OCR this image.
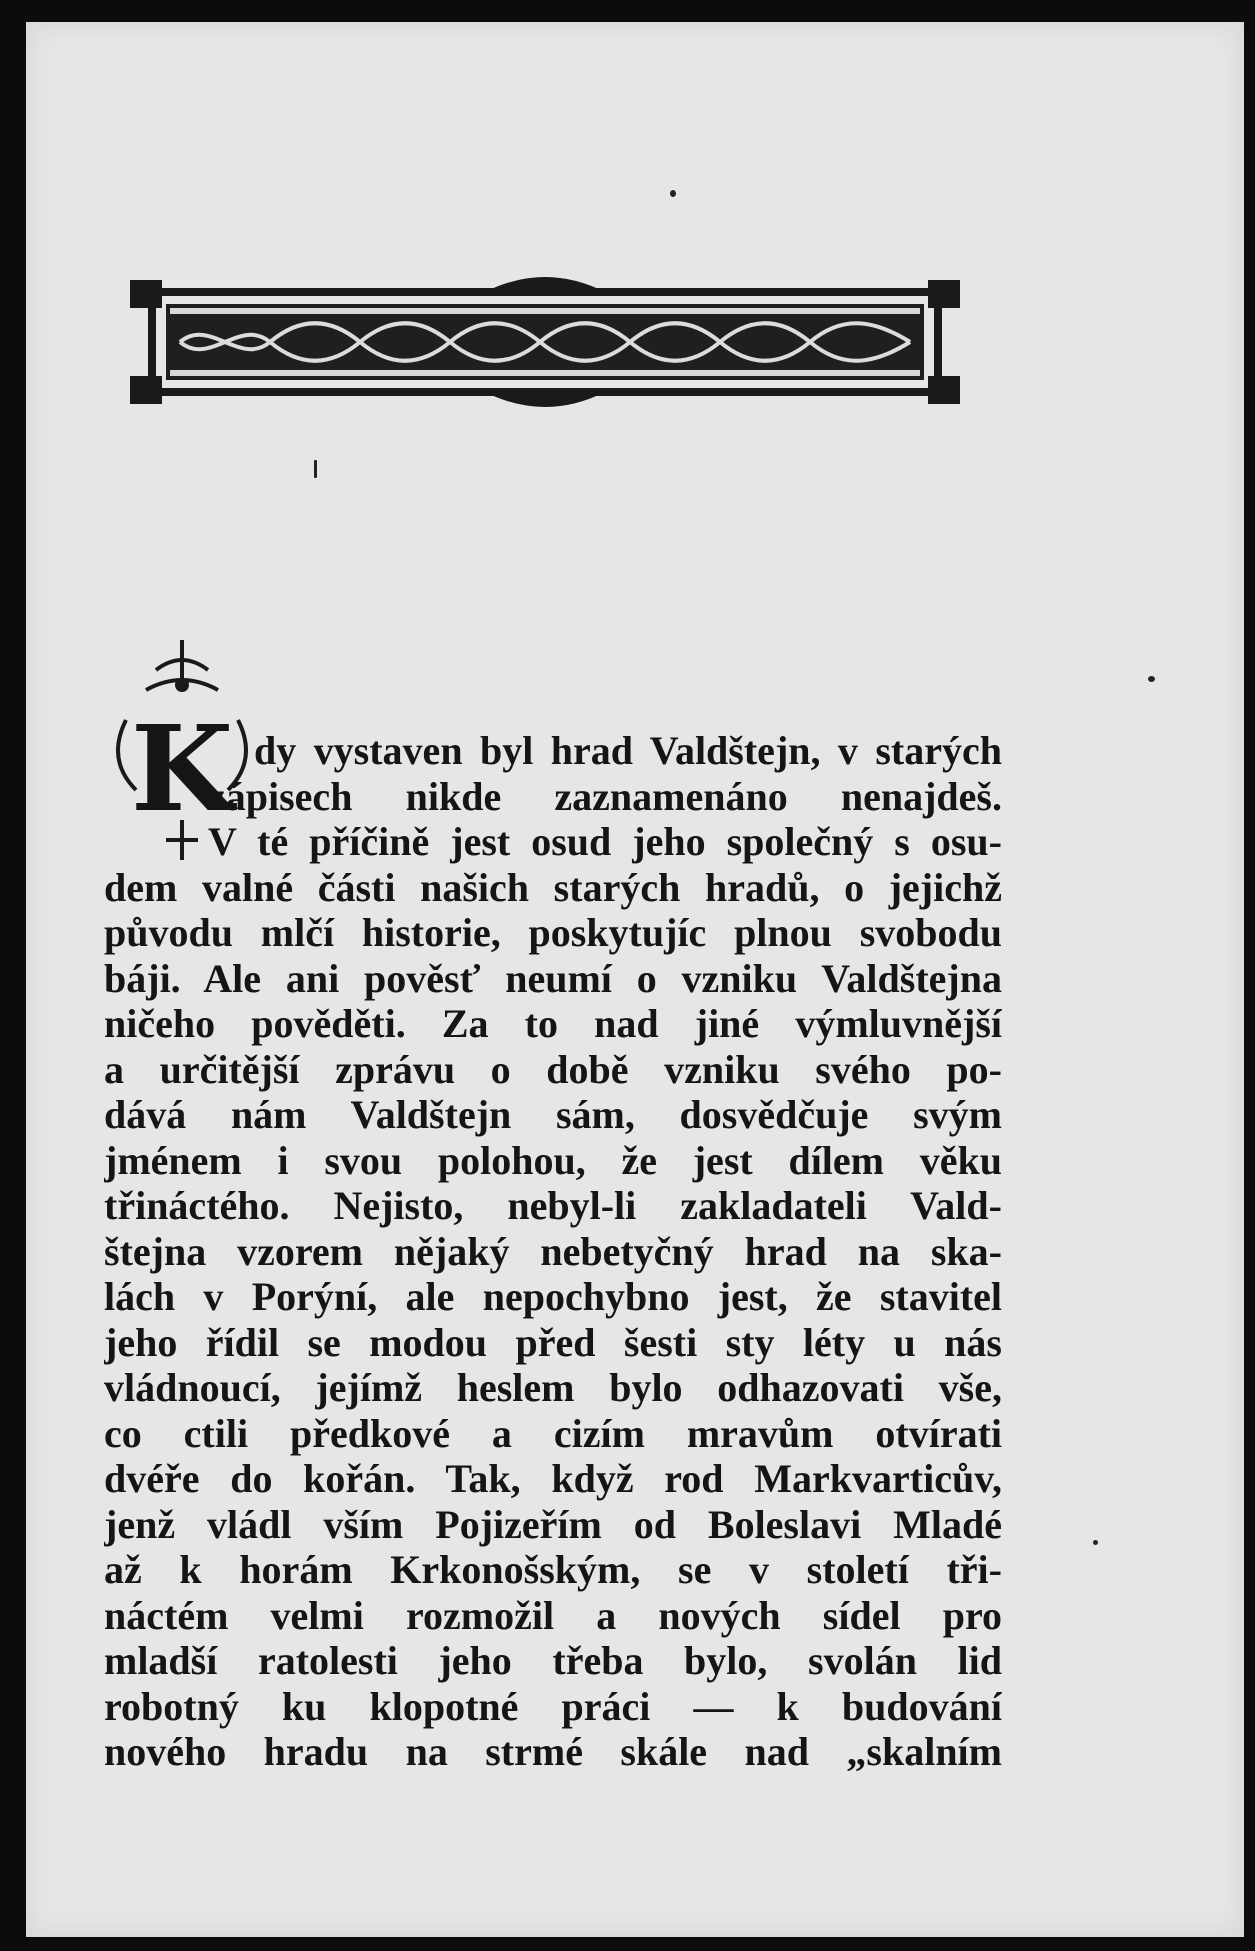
K dy vystaven byl hrad Valdštejn, v starých
zápisech nikde zaznamenáno nenajdeš.
V té příčině jest osud jeho společný s osu-
dem valné části našich starých hradů, o jejichž
původu mlčí historie, poskytujíc plnou svobodu
báji. Ale ani pověsť neumí o vzniku Valdštejna
ničeho pověděti. Za to nad jiné výmluvnější
a určitější zprávu o době vzniku svého po-
dává nám Valdštejn sám, dosvědčuje svým
jménem i svou polohou, že jest dílem věku
třináctého. Nejisto, nebyl-li zakladateli Vald-
štejna vzorem nějaký nebetyčný hrad na ska-
lách v Porýní, ale nepochybno jest, že stavitel
jeho řídil se modou před šesti sty léty u nás
vládnoucí, jejímž heslem bylo odhazovati vše,
co ctili předkové a cizím mravům otvírati
dvéře do kořán. Tak, když rod Markvarticův,
jenž vládl vším Pojizeřím od Boleslavi Mladé
až k horám Krkonošským, se v století tři-
náctém velmi rozmožil a nových sídel pro
mladší ratolesti jeho třeba bylo, svolán lid
robotný ku klopotné práci — k budování
nového hradu na strmé skále nad „skalním
